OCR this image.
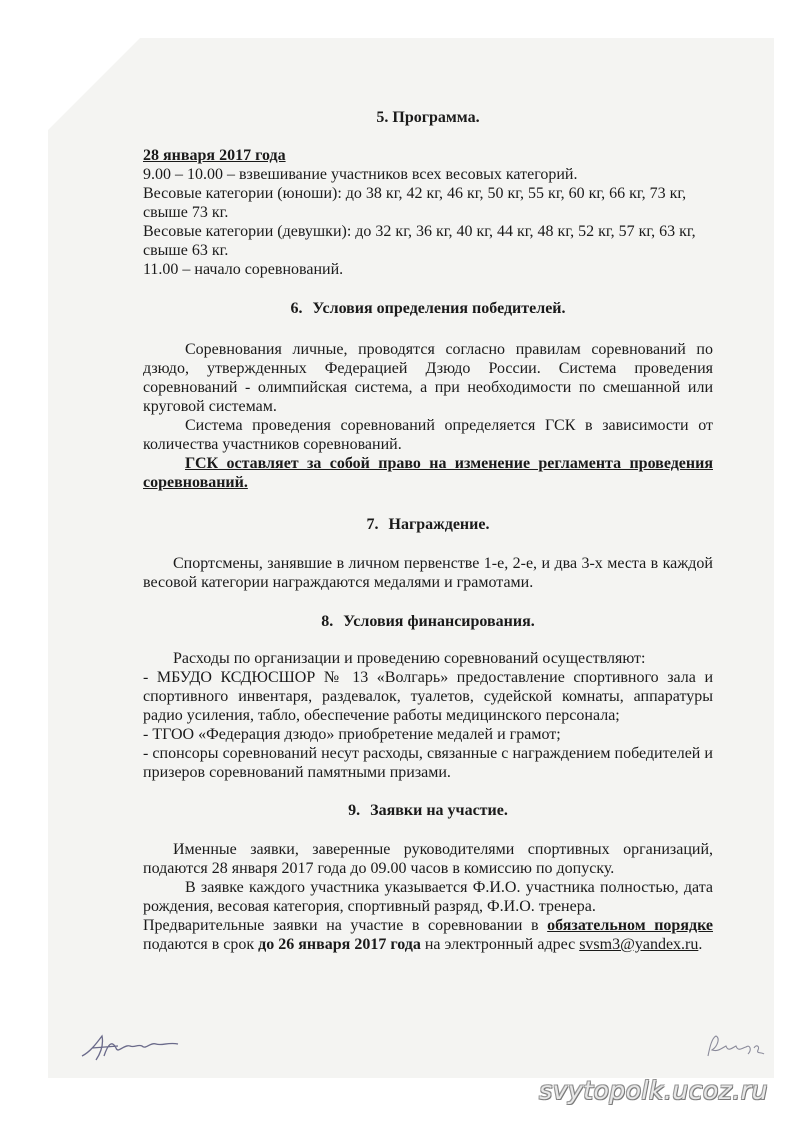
5. Программа.

28 января 2017 года

9.00 – 10.00 – взвешивание участников всех весовых категорий.

Весовые категории (юноши): до 38 кг, 42 кг, 46 кг, 50 кг, 55 кг, 60 кг, 66 кг, 73 кг, свыше 73 кг.

Весовые категории (девушки): до 32 кг, 36 кг, 40 кг, 44 кг, 48 кг, 52 кг, 57 кг, 63 кг, свыше 63 кг.

11.00 – начало соревнований.

6. Условия определения победителей.

Соревнования личные, проводятся согласно правилам соревнований по дзюдо, утвержденных Федерацией Дзюдо России. Система проведения соревнований - олимпийская система, а при необходимости по смешанной или круговой системам.

Система проведения соревнований определяется ГСК в зависимости от количества участников соревнований.

ГСК оставляет за собой право на изменение регламента проведения соревнований.

7. Награждение.

Спортсмены, занявшие в личном первенстве 1-е, 2-е, и два 3-х места в каждой весовой категории награждаются медалями и грамотами.

8. Условия финансирования.

Расходы по организации и проведению соревнований осуществляют:

- МБУДО КСДЮСШОР № 13 «Волгарь» предоставление спортивного зала и спортивного инвентаря, раздевалок, туалетов, судейской комнаты, аппаратуры радио усиления, табло, обеспечение работы медицинского персонала;

- ТГОО «Федерация дзюдо» приобретение медалей и грамот;

- спонсоры соревнований несут расходы, связанные с награждением победителей и призеров соревнований памятными призами.

9. Заявки на участие.

Именные заявки, заверенные руководителями спортивных организаций, подаются 28 января 2017 года до 09.00 часов в комиссию по допуску.

В заявке каждого участника указывается Ф.И.О. участника полностью, дата рождения, весовая категория, спортивный разряд, Ф.И.О. тренера.

Предварительные заявки на участие в соревновании в обязательном порядке подаются в срок до 26 января 2017 года на электронный адрес svsm3@yandex.ru.

svytopolk.ucoz.ru
